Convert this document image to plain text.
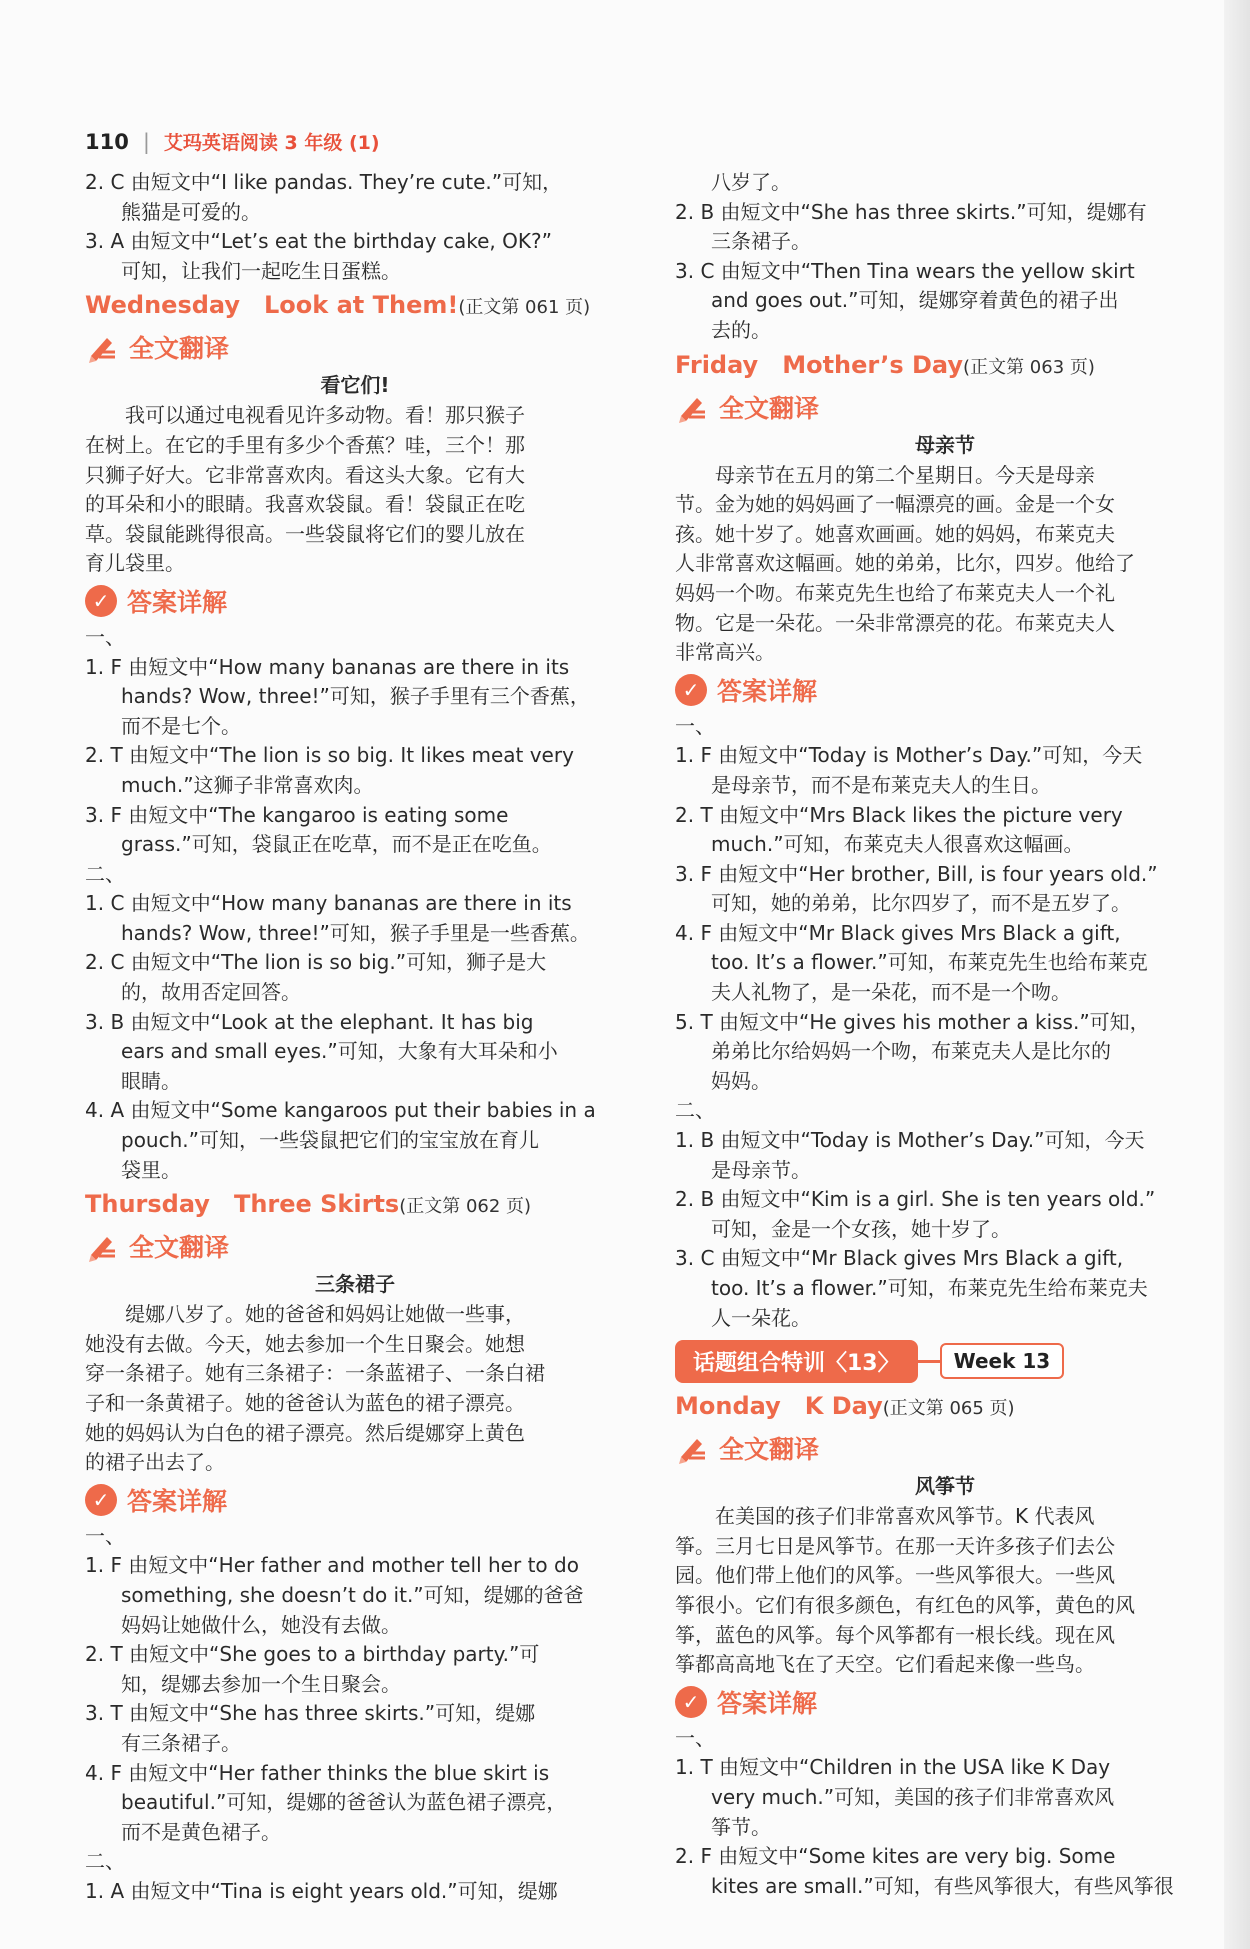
110 | 艾玛英语阅读 3 年级 (1)
2. C 由短文中“I like pandas. They’re cute.”可知，
熊猫是可爱的。
3. A 由短文中“Let’s eat the birthday cake, OK?”
可知，让我们一起吃生日蛋糕。
Wednesday　Look at Them!(正文第 061 页)
全文翻译
看它们!
我可以通过电视看见许多动物。看！那只猴子
在树上。在它的手里有多少个香蕉？哇，三个！那
只狮子好大。它非常喜欢肉。看这头大象。它有大
的耳朵和小的眼睛。我喜欢袋鼠。看！袋鼠正在吃
草。袋鼠能跳得很高。一些袋鼠将它们的婴儿放在
育儿袋里。
✓ 答案详解
一、
1. F 由短文中“How many bananas are there in its
hands? Wow, three!”可知，猴子手里有三个香蕉，
而不是七个。
2. T 由短文中“The lion is so big. It likes meat very
much.”这狮子非常喜欢肉。
3. F 由短文中“The kangaroo is eating some
grass.”可知，袋鼠正在吃草，而不是正在吃鱼。
二、
1. C 由短文中“How many bananas are there in its
hands? Wow, three!”可知，猴子手里是一些香蕉。
2. C 由短文中“The lion is so big.”可知，狮子是大
的，故用否定回答。
3. B 由短文中“Look at the elephant. It has big
ears and small eyes.”可知，大象有大耳朵和小
眼睛。
4. A 由短文中“Some kangaroos put their babies in a
pouch.”可知，一些袋鼠把它们的宝宝放在育儿
袋里。
Thursday　Three Skirts(正文第 062 页)
全文翻译
三条裙子
缇娜八岁了。她的爸爸和妈妈让她做一些事，
她没有去做。今天，她去参加一个生日聚会。她想
穿一条裙子。她有三条裙子：一条蓝裙子、一条白裙
子和一条黄裙子。她的爸爸认为蓝色的裙子漂亮。
她的妈妈认为白色的裙子漂亮。然后缇娜穿上黄色
的裙子出去了。
✓ 答案详解
一、
1. F 由短文中“Her father and mother tell her to do
something, she doesn’t do it.”可知，缇娜的爸爸
妈妈让她做什么，她没有去做。
2. T 由短文中“She goes to a birthday party.”可
知，缇娜去参加一个生日聚会。
3. T 由短文中“She has three skirts.”可知，缇娜
有三条裙子。
4. F 由短文中“Her father thinks the blue skirt is
beautiful.”可知，缇娜的爸爸认为蓝色裙子漂亮，
而不是黄色裙子。
二、
1. A 由短文中“Tina is eight years old.”可知，缇娜
八岁了。
2. B 由短文中“She has three skirts.”可知，缇娜有
三条裙子。
3. C 由短文中“Then Tina wears the yellow skirt
and goes out.”可知，缇娜穿着黄色的裙子出
去的。
Friday　Mother’s Day(正文第 063 页)
全文翻译
母亲节
母亲节在五月的第二个星期日。今天是母亲
节。金为她的妈妈画了一幅漂亮的画。金是一个女
孩。她十岁了。她喜欢画画。她的妈妈，布莱克夫
人非常喜欢这幅画。她的弟弟，比尔，四岁。他给了
妈妈一个吻。布莱克先生也给了布莱克夫人一个礼
物。它是一朵花。一朵非常漂亮的花。布莱克夫人
非常高兴。
✓ 答案详解
一、
1. F 由短文中“Today is Mother’s Day.”可知，今天
是母亲节，而不是布莱克夫人的生日。
2. T 由短文中“Mrs Black likes the picture very
much.”可知，布莱克夫人很喜欢这幅画。
3. F 由短文中“Her brother, Bill, is four years old.”
可知，她的弟弟，比尔四岁了，而不是五岁了。
4. F 由短文中“Mr Black gives Mrs Black a gift,
too. It’s a flower.”可知，布莱克先生也给布莱克
夫人礼物了，是一朵花，而不是一个吻。
5. T 由短文中“He gives his mother a kiss.”可知，
弟弟比尔给妈妈一个吻，布莱克夫人是比尔的
妈妈。
二、
1. B 由短文中“Today is Mother’s Day.”可知，今天
是母亲节。
2. B 由短文中“Kim is a girl. She is ten years old.”
可知，金是一个女孩，她十岁了。
3. C 由短文中“Mr Black gives Mrs Black a gift,
too. It’s a flower.”可知，布莱克先生给布莱克夫
人一朵花。
话题组合特训〈13〉	Week 13
Monday　K Day(正文第 065 页)
全文翻译
风筝节
在美国的孩子们非常喜欢风筝节。K 代表风
筝。三月七日是风筝节。在那一天许多孩子们去公
园。他们带上他们的风筝。一些风筝很大。一些风
筝很小。它们有很多颜色，有红色的风筝，黄色的风
筝，蓝色的风筝。每个风筝都有一根长线。现在风
筝都高高地飞在了天空。它们看起来像一些鸟。
✓ 答案详解
一、
1. T 由短文中“Children in the USA like K Day
very much.”可知，美国的孩子们非常喜欢风
筝节。
2. F 由短文中“Some kites are very big. Some
kites are small.”可知，有些风筝很大，有些风筝很
